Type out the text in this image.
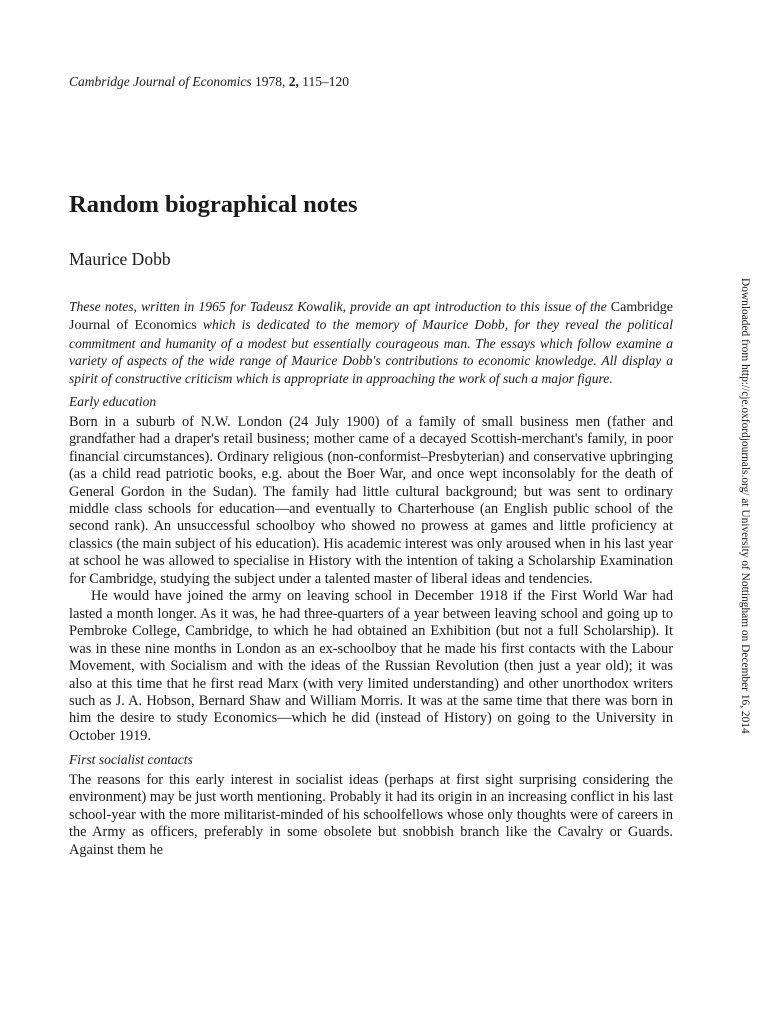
Cambridge Journal of Economics 1978, 2, 115–120
Random biographical notes
Maurice Dobb

These notes, written in 1965 for Tadeusz Kowalik, provide an apt introduction to this issue of the Cambridge Journal of Economics which is dedicated to the memory of Maurice Dobb, for they reveal the political commitment and humanity of a modest but essentially courageous man. The essays which follow examine a variety of aspects of the wide range of Maurice Dobb's contributions to economic knowledge. All display a spirit of constructive criticism which is appropriate in approaching the work of such a major figure.

Early education

Born in a suburb of N.W. London (24 July 1900) of a family of small business men (father and grandfather had a draper's retail business; mother came of a decayed Scottish-merchant's family, in poor financial circumstances). Ordinary religious (non-conformist–Presbyterian) and conservative upbringing (as a child read patriotic books, e.g. about the Boer War, and once wept inconsolably for the death of General Gordon in the Sudan). The family had little cultural background; but was sent to ordinary middle class schools for education—and eventually to Charterhouse (an English public school of the second rank). An unsuccessful schoolboy who showed no prowess at games and little proficiency at classics (the main subject of his education). His academic interest was only aroused when in his last year at school he was allowed to specialise in History with the intention of taking a Scholarship Examination for Cambridge, studying the subject under a talented master of liberal ideas and tendencies.

He would have joined the army on leaving school in December 1918 if the First World War had lasted a month longer. As it was, he had three-quarters of a year between leaving school and going up to Pembroke College, Cambridge, to which he had obtained an Exhibition (but not a full Scholarship). It was in these nine months in London as an ex-schoolboy that he made his first contacts with the Labour Movement, with Socialism and with the ideas of the Russian Revolution (then just a year old); it was also at this time that he first read Marx (with very limited understanding) and other unorthodox writers such as J. A. Hobson, Bernard Shaw and William Morris. It was at the same time that there was born in him the desire to study Economics—which he did (instead of History) on going to the University in October 1919.

First socialist contacts

The reasons for this early interest in socialist ideas (perhaps at first sight surprising considering the environment) may be just worth mentioning. Probably it had its origin in an increasing conflict in his last school-year with the more militarist-minded of his schoolfellows whose only thoughts were of careers in the Army as officers, preferably in some obsolete but snobbish branch like the Cavalry or Guards. Against them he

Downloaded from http://cje.oxfordjournals.org/ at University of Nottingham on December 16, 2014
